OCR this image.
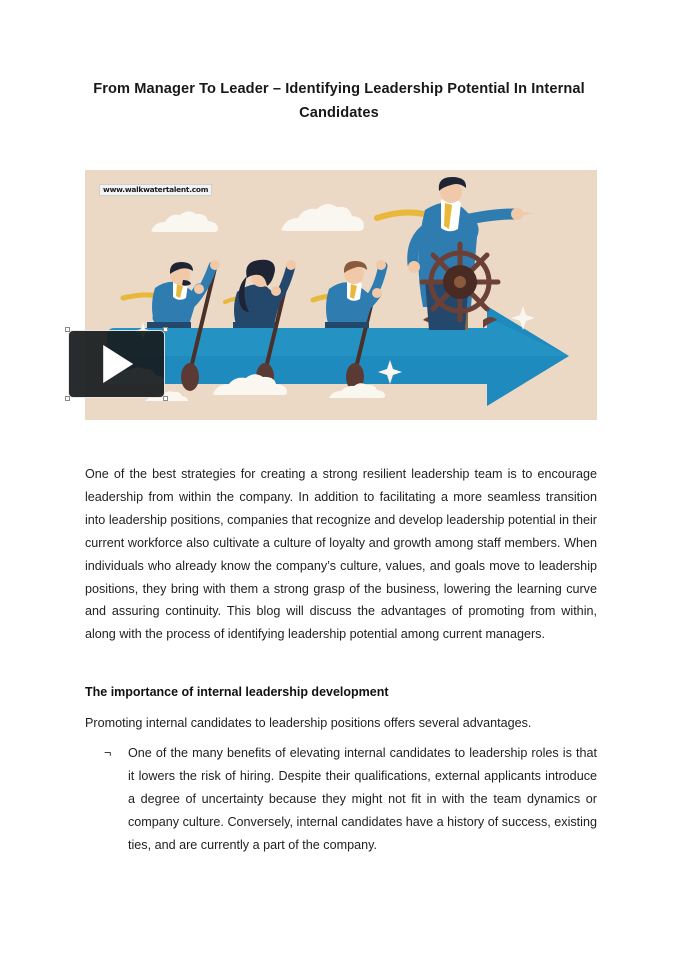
From Manager To Leader – Identifying Leadership Potential In Internal Candidates
www.walkwatertalent.com
One of the best strategies for creating a strong resilient leadership team is to encourage leadership from within the company. In addition to facilitating a more seamless transition into leadership positions, companies that recognize and develop leadership potential in their current workforce also cultivate a culture of loyalty and growth among staff members. When individuals who already know the company’s culture, values, and goals move to leadership positions, they bring with them a strong grasp of the business, lowering the learning curve and assuring continuity. This blog will discuss the advantages of promoting from within, along with the process of identifying leadership potential among current managers.
The importance of internal leadership development
Promoting internal candidates to leadership positions offers several advantages.
¬ One of the many benefits of elevating internal candidates to leadership roles is that it lowers the risk of hiring. Despite their qualifications, external applicants introduce a degree of uncertainty because they might not fit in with the team dynamics or company culture. Conversely, internal candidates have a history of success, existing ties, and are currently a part of the company.
